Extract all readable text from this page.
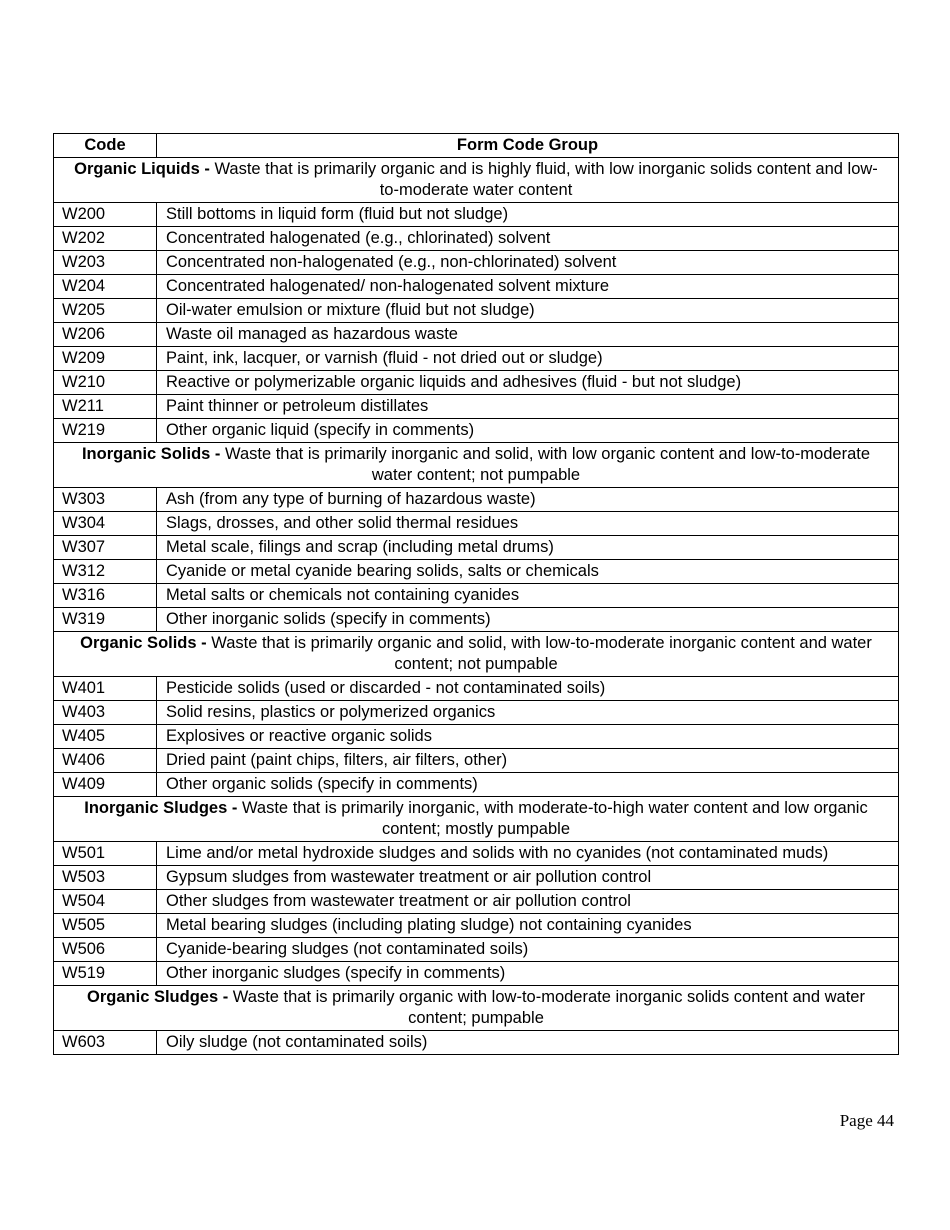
Code	Form Code Group
Organic Liquids - Waste that is primarily organic and is highly fluid, with low inorganic solids content and low-to-moderate water content	
W200	Still bottoms in liquid form (fluid but not sludge)
W202	Concentrated halogenated (e.g., chlorinated) solvent
W203	Concentrated non-halogenated (e.g., non-chlorinated) solvent
W204	Concentrated halogenated/ non-halogenated solvent mixture
W205	Oil-water emulsion or mixture (fluid but not sludge)
W206	Waste oil managed as hazardous waste
W209	Paint, ink, lacquer, or varnish (fluid - not dried out or sludge)
W210	Reactive or polymerizable organic liquids and adhesives (fluid - but not sludge)
W211	Paint thinner or petroleum distillates
W219	Other organic liquid (specify in comments)
Inorganic Solids - Waste that is primarily inorganic and solid, with low organic content and low-to-moderate water content; not pumpable	
W303	Ash (from any type of burning of hazardous waste)
W304	Slags, drosses, and other solid thermal residues
W307	Metal scale, filings and scrap (including metal drums)
W312	Cyanide or metal cyanide bearing solids, salts or chemicals
W316	Metal salts or chemicals not containing cyanides
W319	Other inorganic solids (specify in comments)
Organic Solids - Waste that is primarily organic and solid, with low-to-moderate inorganic content and water content; not pumpable	
W401	Pesticide solids (used or discarded - not contaminated soils)
W403	Solid resins, plastics or polymerized organics
W405	Explosives or reactive organic solids
W406	Dried paint (paint chips, filters, air filters, other)
W409	Other organic solids (specify in comments)
Inorganic Sludges - Waste that is primarily inorganic, with moderate-to-high water content and low organic content; mostly pumpable	
W501	Lime and/or metal hydroxide sludges and solids with no cyanides (not contaminated muds)
W503	Gypsum sludges from wastewater treatment or air pollution control
W504	Other sludges from wastewater treatment or air pollution control
W505	Metal bearing sludges (including plating sludge) not containing cyanides
W506	Cyanide-bearing sludges (not contaminated soils)
W519	Other inorganic sludges (specify in comments)
Organic Sludges - Waste that is primarily organic with low-to-moderate inorganic solids content and water content; pumpable	
W603	Oily sludge (not contaminated soils)
Page 44
